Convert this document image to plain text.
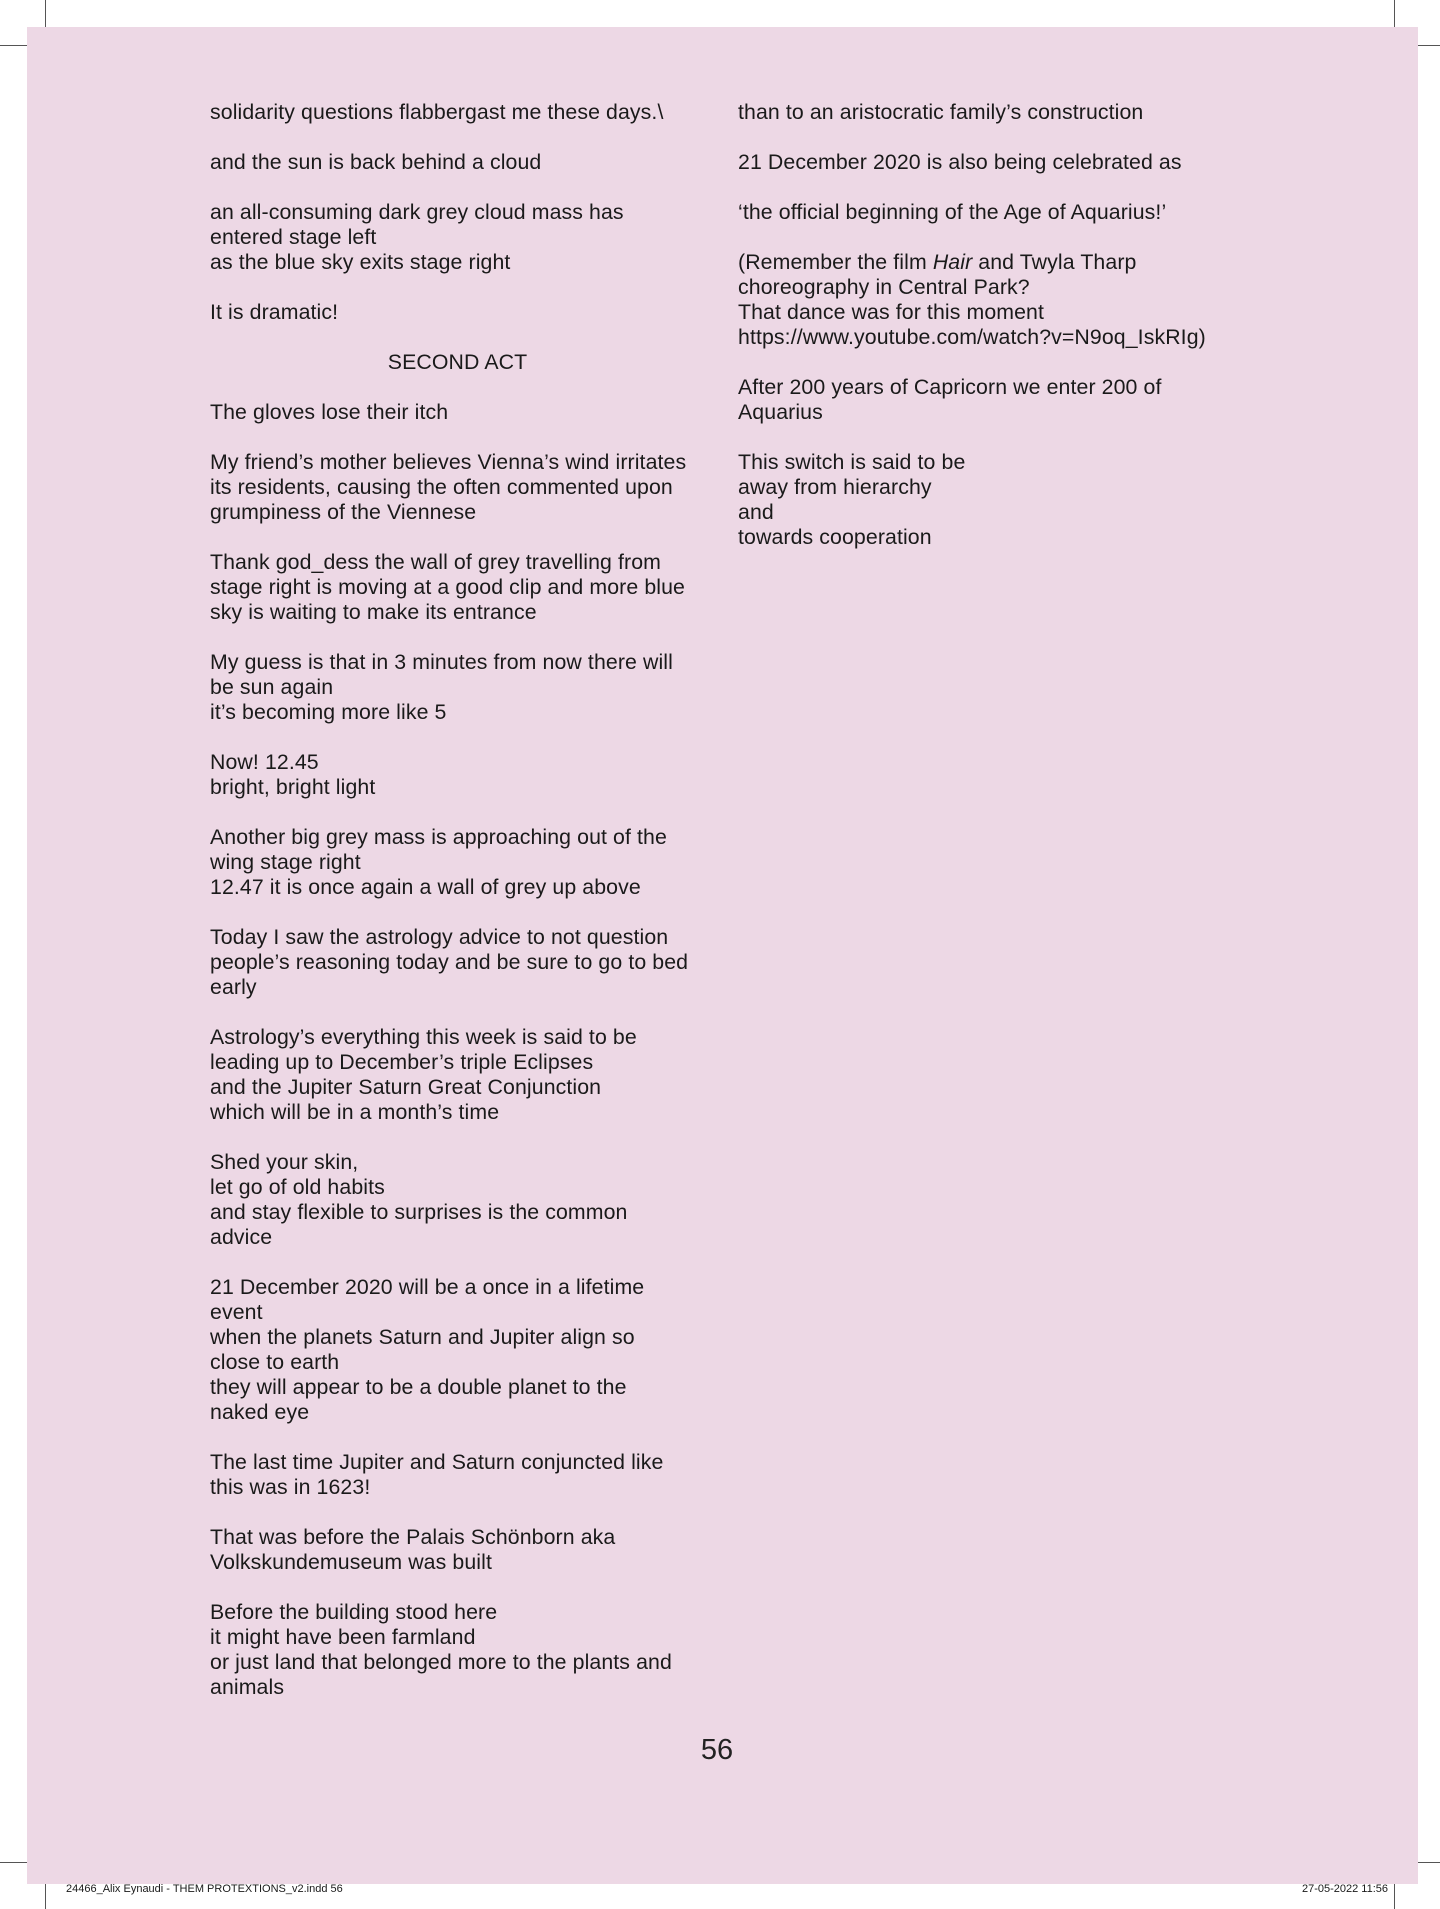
solidarity questions flabbergast me these days.\

and the sun is back behind a cloud

an all-consuming dark grey cloud mass has
entered stage left
as the blue sky exits stage right

It is dramatic!

SECOND ACT

The gloves lose their itch

My friend’s mother believes Vienna’s wind irritates
its residents, causing the often commented upon
grumpiness of the Viennese

Thank god_dess the wall of grey travelling from
stage right is moving at a good clip and more blue
sky is waiting to make its entrance

My guess is that in 3 minutes from now there will
be sun again
it’s becoming more like 5

Now! 12.45
bright, bright light

Another big grey mass is approaching out of the
wing stage right
12.47 it is once again a wall of grey up above

Today I saw the astrology advice to not question
people’s reasoning today and be sure to go to bed
early

Astrology’s everything this week is said to be
leading up to December’s triple Eclipses
and the Jupiter Saturn Great Conjunction
which will be in a month’s time

Shed your skin,
let go of old habits
and stay flexible to surprises is the common
advice

21 December 2020 will be a once in a lifetime
event
when the planets Saturn and Jupiter align so
close to earth
they will appear to be a double planet to the
naked eye

The last time Jupiter and Saturn conjuncted like
this was in 1623!

That was before the Palais Schönborn aka
Volkskundemuseum was built

Before the building stood here
it might have been farmland
or just land that belonged more to the plants and
animals

than to an aristocratic family’s construction

21 December 2020 is also being celebrated as

‘the official beginning of the Age of Aquarius!’

(Remember the film Hair and Twyla Tharp
choreography in Central Park?
That dance was for this moment
https://www.youtube.com/watch?v=N9oq_IskRIg)

After 200 years of Capricorn we enter 200 of
Aquarius

This switch is said to be
away from hierarchy
and
towards cooperation

56
24466_Alix Eynaudi - THEM PROTEXTIONS_v2.indd 56	27-05-2022 11:56
